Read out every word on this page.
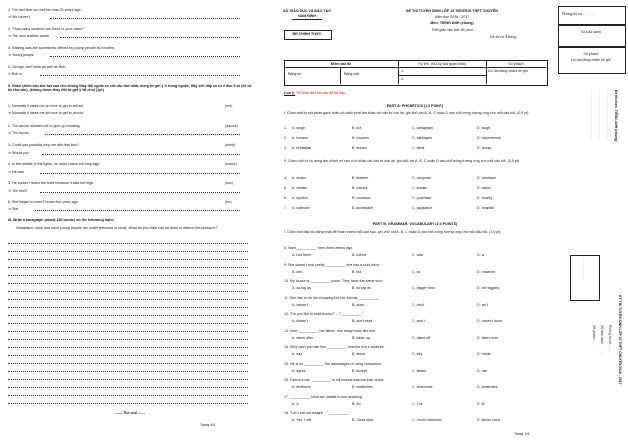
2. The last time we met her was 20 years ago.
➔ We haven't
3. "How many students are there in your class?"
➔ The new teacher wants
4. Raising cats are sometimes offered by young people as a hobby.
➔ Young people
5. George can't write as well as Bob.
➔ Bob w
II. Hoàn chỉnh câu thứ hai sao cho không thay đổi nghĩa so với câu thứ nhất, dùng từ gợi ý ở trong ngoặc. Hãy viết đáp số từ 2 đến 5 từ (kể cả từ cho sẵn). (không được thay đổi từ gợi ý đã cho) (1pt)
1. Normally it takes me an hour to get to school.	(me)
➔ Normally it takes me an hour to get to school.
2. The doctor advised me to give up smoking.	(advice)
➔ The doctor
3. Could you possibly help me with this box?	(mind)
➔ Would you
4. In the middle of the lights, he didn't notice the stop sign.	(notice)
➔ He was
5. He couldn't reach the shelf because it was too high.	(low)
➔ The shelf
6. She began to learn French five years ago.	(for)
➔ She
III. Write a paragraph (about 150 words) on the following topic:
Nowadays, more and more young people are under pressure of study. What do you think can be done to reduce this pressure?
------ The end ------
Trang 4/4
SỞ GIÁO DỤC VÀ ĐÀO TẠO
NAM ĐỊNH
ĐỀ CHÍNH THỨC
ĐỀ THI TUYỂN SINH LỚP 10 TRƯỜNG THPT CHUYÊN
Năm học 2016 - 2017
Môn: TIẾNG ANH (chung)
Thời gian làm bài: 90 phút
Đề thi có 4 trang
Điểm bài thi	Họ tên, chữ ký của giám khảo	Số phách
Bằng số	Bằng chữ
1.
2.
Do hội đồng chấm thi ghi
Lưu ý: Thí sinh làm bài vào đề thi này.
PART A: PHONETICS (1,0 POINT)
I. Chọn một từ mà phần gạch chân có cách phát âm khác với các từ còn lại, ghi chữ cái A, B, C hoặc D vào chỗ trống tương ứng cho mỗi câu hỏi. (0,5 pt)
II. Chọn một từ có trọng âm chính rơi vào vị trí khác với các từ còn lại, ghi chữ cái A, B, C hoặc D vào chỗ trống tương ứng cho mỗi câu hỏi. (0,5 pt)
PART B: GRAMMAR, VOCABULARY (2,0 POINTS)
I. Chọn một đáp án đúng nhất để hoàn thành mỗi câu sau, ghi chữ cái A, B, C hoặc D vào chỗ trống tương ứng cho mỗi câu hỏi. (1,0 pt)
Trang 1/4
1. A. laugh	B. but	C. paragraph	D. laugh
2. A. houses	B. couples	C. cabbages	D. experiences
3. A. breakfast	B. dream	C. dealt	D. cheap
4. A. visitor	B. teacher	C. computer	D. envelope
5. A. certain	B. correct	C. private	D. active
6. A. symbol	B. occasion	C. purchase	D. charity
7. A. collector	B. accessible	C. appliance	D. hospital
8. Nam __________ here three weeks ago.
A. has been	B. will be	C. was	D. is
9. She doesn't look pretty __________ she has a cold voice.
A. and	B. but	C. so	D. however
10. My house is __________ yours. They have the same size.
A. as big as	B. so big as	C. bigger than	D. the biggest
11. She has to do the shopping but her friends __________ .
A. haven't	B. does	C. don't	D. isn't
12. "Do you like to read books?" - "I __________."
A. doesn't	B. don't read	C. won't	D. haven't done
13. Kate __________ her father. She really looks like him.
A. takes after	B. takes up	C. takes off	D. takes over
14. Why can't you ask him __________ how the boy's address.
A. say	B. about	C. say	D. inside
15. He is so __________ the advantages of using computers.
A. agree	B. accept	C. aware	D. use
16. Farmers use __________ to kill insects that eat their crops.
A. fertilisers	B. medicines	C. chemicals	D. pesticides
17. __________ blind are unable to see anything.
A. A	B. An	C. The	D. Ø
18. "Let's eat out tonight" - "__________."
A. Yes, I will	B. Good idea	C. You're welcome	D. Never mind
Phòng thi số: . . . . . .
Số báo danh
Số phách
Do hội đồng chấm thi ghi
Đề thi môn: TIẾNG ANH (chung)
. . . . . . . . . . . . . . . . . . . . . . . . . . .
. . . . . . . . . . . . . . . . . . . . . . . . . . .
. . . . . . . . . . . . . . . . . . . . . . . . . . .
. . . . . . . . . . . .
KỲ THI TUYỂN SINH LỚP 10 THPT CHUYÊN 2016 - 2017
Phòng thi số: . . . . .
Số báo danh: . . . . .
Số phách: . . . . .
